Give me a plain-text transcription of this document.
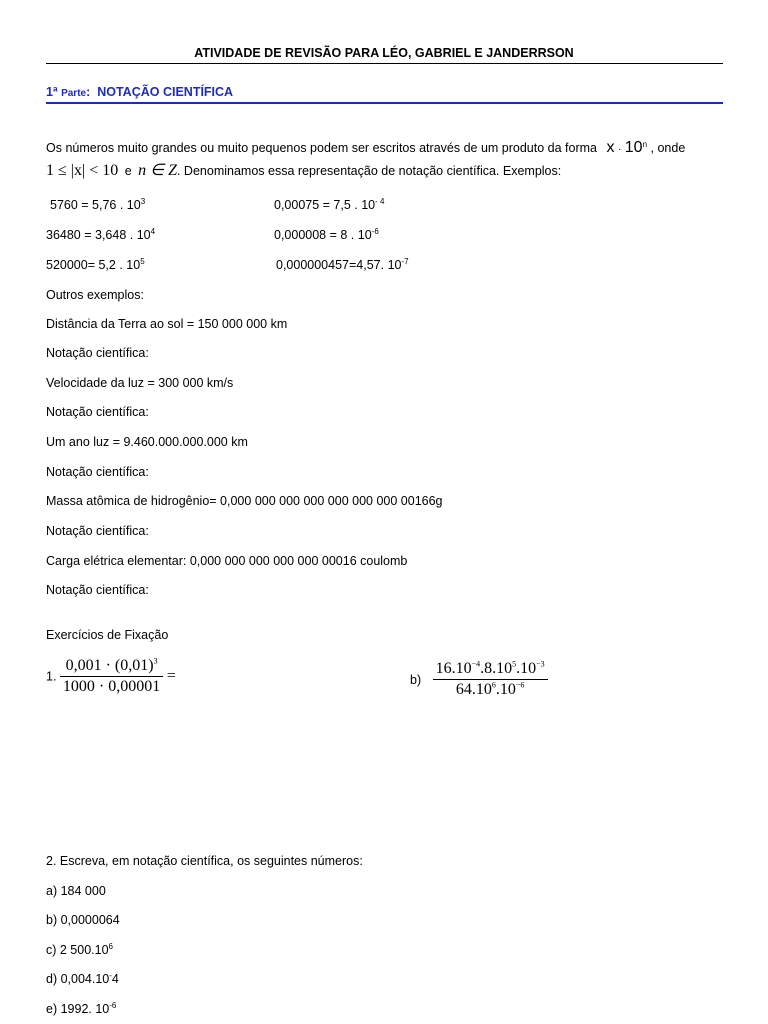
ATIVIDADE DE REVISÃO PARA LÉO, GABRIEL E JANDERRSON
1ª Parte: NOTAÇÃO CIENTÍFICA
Os números muito grandes ou muito pequenos podem ser escritos através de um produto da forma $x \cdot 10^n$ , onde
1 ≤ |x| < 10 e n ∈ Z. Denominamos essa representação de notação científica. Exemplos:
5760 = 5,76 . $10^3$
36480 = 3,648 . $10^4$
520000= 5,2 . $10^5$
0,00075 = 7,5 . $10^{- 4}$
0,000008 = 8 . $10^{-6}$
0,000000457=4,57. $10^{-7}$
Outros exemplos:
Distância da Terra ao sol = 150 000 000 km
Notação científica:
Velocidade da luz = 300 000 km/s
Notação científica:
Um ano luz = 9.460.000.000.000 km
Notação científica:
Massa atômica de hidrogênio= 0,000 000 000 000 000 000 000 00166g
Notação científica:
Carga elétrica elementar: 0,000 000 000 000 000 00016 coulomb
Notação científica:
Exercícios de Fixação
1. $\frac{0,001 \cdot (0,01)^3}{1000 \cdot 0,00001}$ =	$b) \frac{16.10^{-4}.8.10^5.10^{-3}}{64.10^6.10^{-6}}$
2. Escreva, em notação científica, os seguintes números:
a) 184 000
b) 0,0000064
c) 2 500.10$^6$
d) 0,004.10-4
e) 1992. $10^{-6}$
